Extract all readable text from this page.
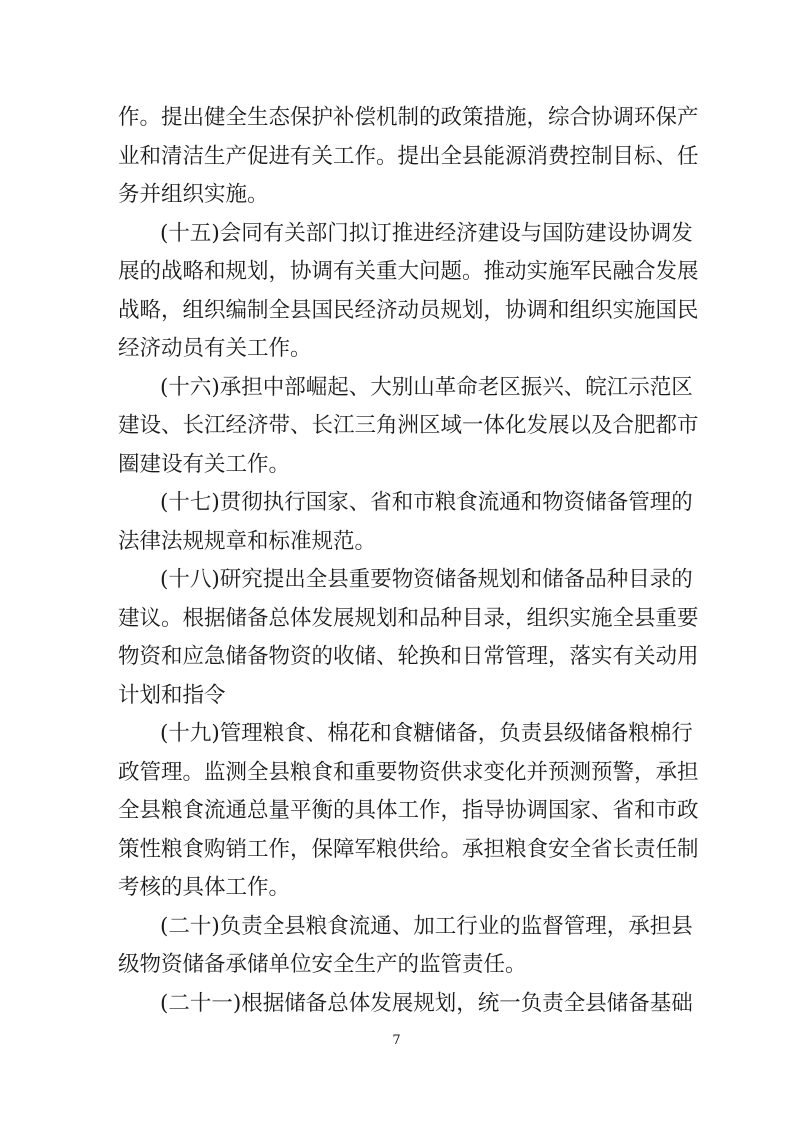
作。提出健全生态保护补偿机制的政策措施，综合协调环保产
业和清洁生产促进有关工作。提出全县能源消费控制目标、任
务并组织实施。
(十五)会同有关部门拟订推进经济建设与国防建设协调发
展的战略和规划，协调有关重大问题。推动实施军民融合发展
战略，组织编制全县国民经济动员规划，协调和组织实施国民
经济动员有关工作。
(十六)承担中部崛起、大别山革命老区振兴、皖江示范区
建设、长江经济带、长江三角洲区域一体化发展以及合肥都市
圈建设有关工作。
(十七)贯彻执行国家、省和市粮食流通和物资储备管理的
法律法规规章和标准规范。
(十八)研究提出全县重要物资储备规划和储备品种目录的
建议。根据储备总体发展规划和品种目录，组织实施全县重要
物资和应急储备物资的收储、轮换和日常管理，落实有关动用
计划和指令
(十九)管理粮食、棉花和食糖储备，负责县级储备粮棉行
政管理。监测全县粮食和重要物资供求变化并预测预警，承担
全县粮食流通总量平衡的具体工作，指导协调国家、省和市政
策性粮食购销工作，保障军粮供给。承担粮食安全省长责任制
考核的具体工作。
(二十)负责全县粮食流通、加工行业的监督管理，承担县
级物资储备承储单位安全生产的监管责任。
(二十一)根据储备总体发展规划，统一负责全县储备基础
7
